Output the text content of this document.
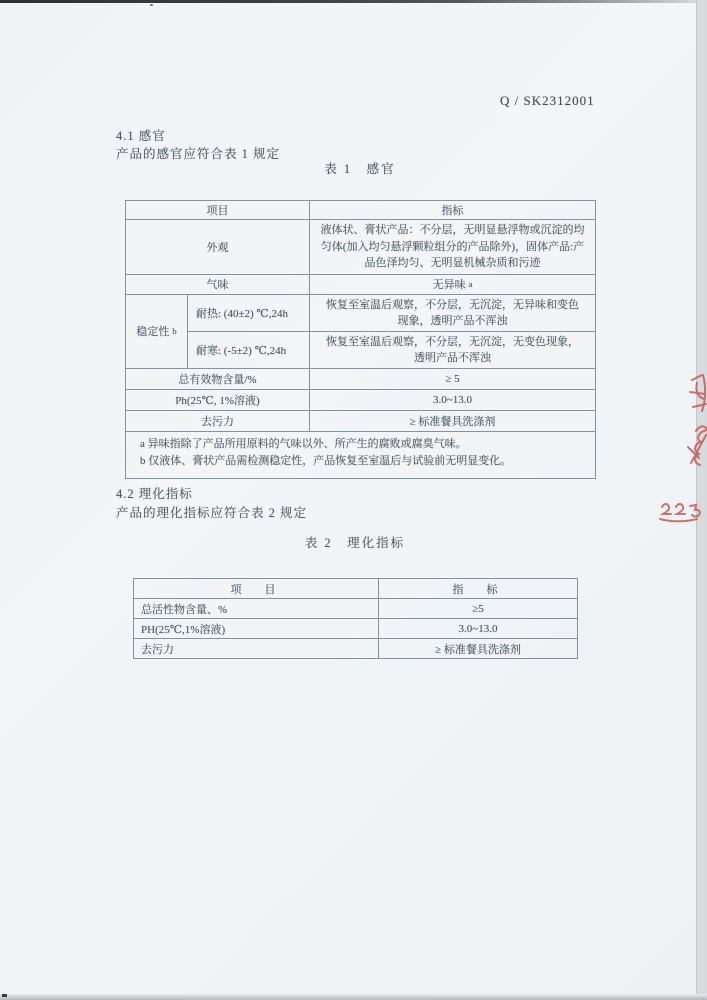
Q / SK2312001
4.1 感官
产品的感官应符合表 1 规定
表 1　感官
项目		指标
外观		液体状、膏状产品：不分层，无明显悬浮物或沉淀的均匀体(加入均匀悬浮颗粒组分的产品除外)，固体产品:产品色泽均匀、无明显机械杂质和污迹
气味		无异味 $^a$
稳定性 $^b$	耐热: (40±2) ℃,24h	恢复至室温后观察，不分层，无沉淀，无异味和变色现象，透明产品不浑浊
	耐寒: (-5±2) ℃,24h	恢复至室温后观察，不分层，无沉淀，无变色现象，透明产品不浑浊
总有效物含量/%		≥ 5
Ph(25℃, 1%溶液)		3.0~13.0
去污力		≥ 标准餐具洗涤剂

a 异味指除了产品所用原料的气味以外、所产生的腐败或腐臭气味。
b 仅液体、膏状产品需检测稳定性，产品恢复至室温后与试验前无明显变化。		
4.2 理化指标
产品的理化指标应符合表 2 规定
表 2　理化指标
项　目	指　标
总活性物含量、%	≥5
PH(25℃,1%溶液)	3.0~13.0
去污力	≥ 标准餐具洗涤剂
